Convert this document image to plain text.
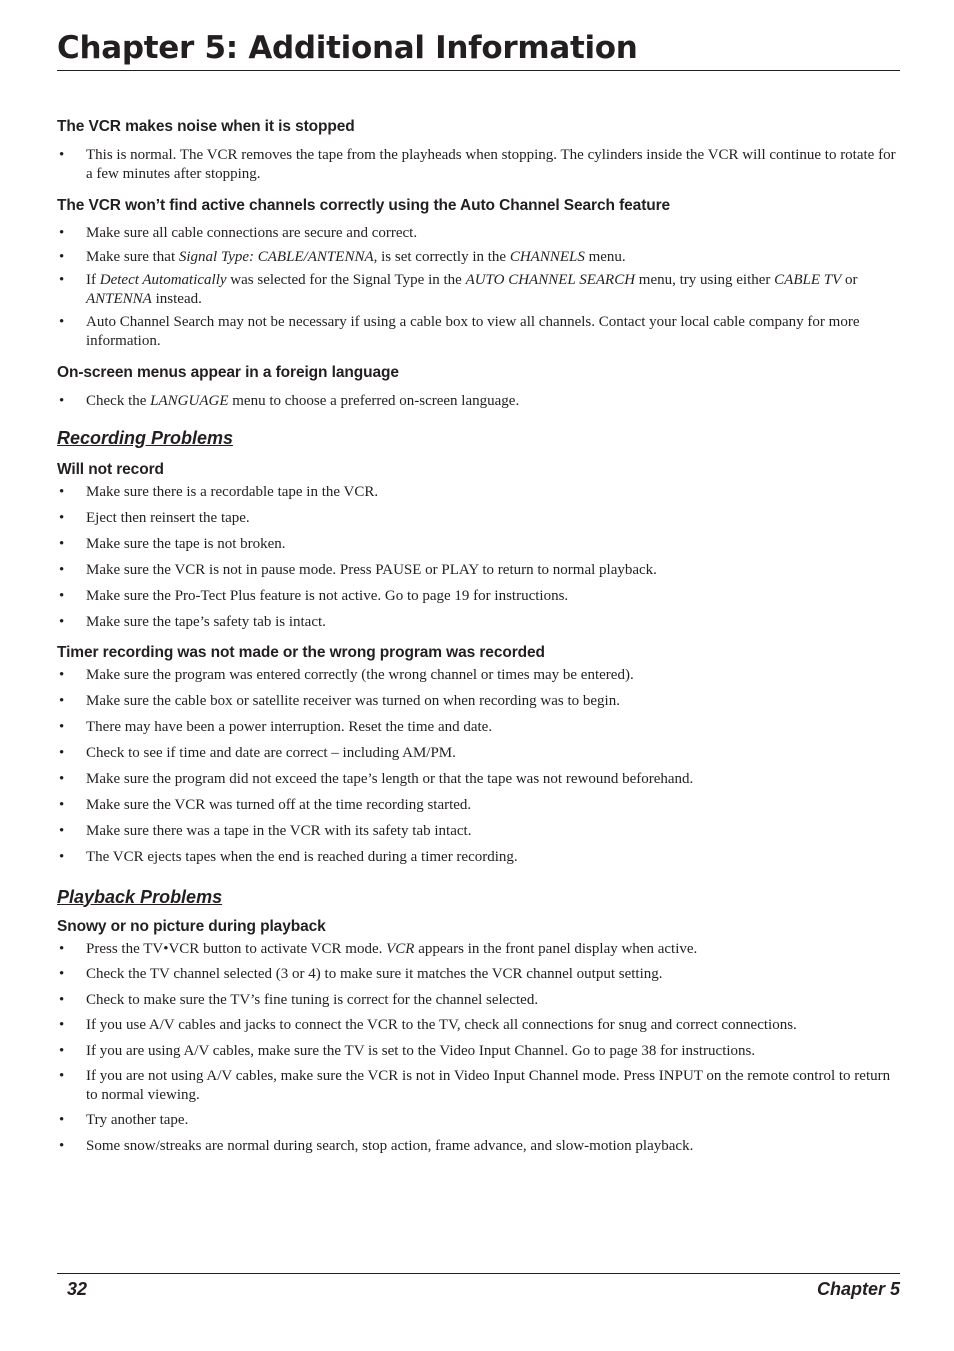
Chapter 5: Additional Information
The VCR makes noise when it is stopped
• This is normal. The VCR removes the tape from the playheads when stopping. The cylinders inside the VCR will continue to rotate for a few minutes after stopping.
The VCR won’t find active channels correctly using the Auto Channel Search feature
• Make sure all cable connections are secure and correct.
• Make sure that Signal Type: CABLE/ANTENNA, is set correctly in the CHANNELS menu.
• If Detect Automatically was selected for the Signal Type in the AUTO CHANNEL SEARCH menu, try using either CABLE TV or ANTENNA instead.
• Auto Channel Search may not be necessary if using a cable box to view all channels. Contact your local cable company for more information.
On-screen menus appear in a foreign language
• Check the LANGUAGE menu to choose a preferred on-screen language.
Recording Problems
Will not record
• Make sure there is a recordable tape in the VCR.
• Eject then reinsert the tape.
• Make sure the tape is not broken.
• Make sure the VCR is not in pause mode. Press PAUSE or PLAY to return to normal playback.
• Make sure the Pro-Tect Plus feature is not active. Go to page 19 for instructions.
• Make sure the tape’s safety tab is intact.
Timer recording was not made or the wrong program was recorded
• Make sure the program was entered correctly (the wrong channel or times may be entered).
• Make sure the cable box or satellite receiver was turned on when recording was to begin.
• There may have been a power interruption. Reset the time and date.
• Check to see if time and date are correct – including AM/PM.
• Make sure the program did not exceed the tape’s length or that the tape was not rewound beforehand.
• Make sure the VCR was turned off at the time recording started.
• Make sure there was a tape in the VCR with its safety tab intact.
• The VCR ejects tapes when the end is reached during a timer recording.
Playback Problems
Snowy or no picture during playback
• Press the TV•VCR button to activate VCR mode. VCR appears in the front panel display when active.
• Check the TV channel selected (3 or 4) to make sure it matches the VCR channel output setting.
• Check to make sure the TV’s fine tuning is correct for the channel selected.
• If you use A/V cables and jacks to connect the VCR to the TV, check all connections for snug and correct connections.
• If you are using A/V cables, make sure the TV is set to the Video Input Channel. Go to page 38 for instructions.
• If you are not using A/V cables, make sure the VCR is not in Video Input Channel mode. Press INPUT on the remote control to return to normal viewing.
• Try another tape.
• Some snow/streaks are normal during search, stop action, frame advance, and slow-motion playback.
32	Chapter 5
